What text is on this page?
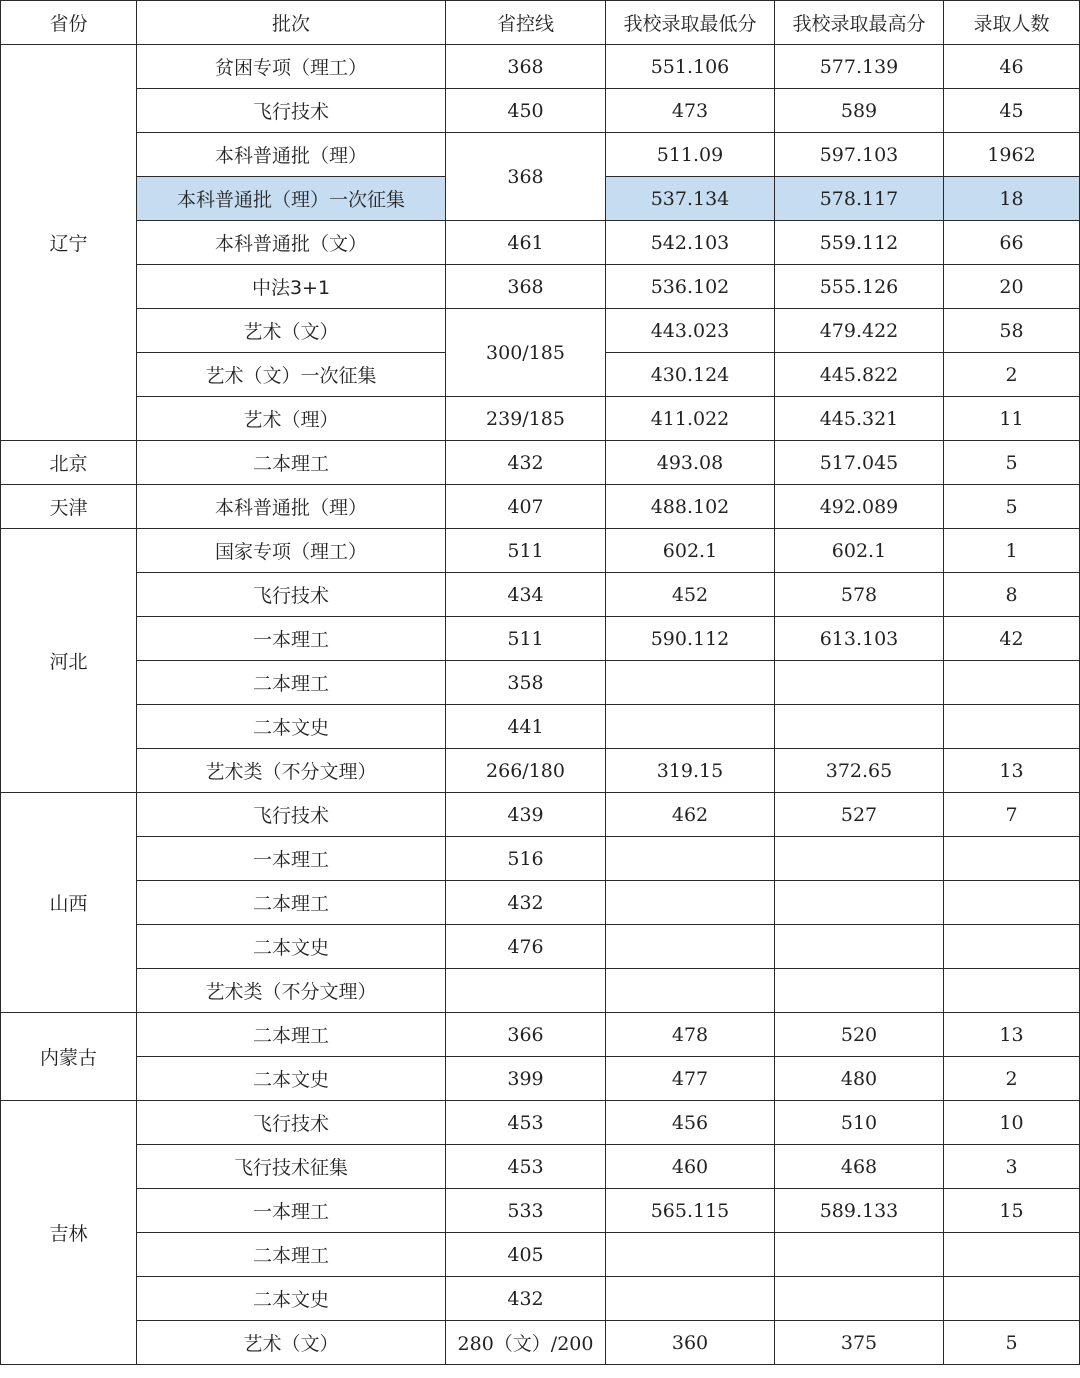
省份	批次	省控线	我校录取最低分	我校录取最高分	录取人数
辽宁	贫困专项（理工）	368	551.106	577.139	46
	飞行技术	450	473	589	45
	本科普通批（理）	368	511.09	597.103	1962
	本科普通批（理）一次征集		537.134	578.117	18
	本科普通批（文）	461	542.103	559.112	66
	中法3+1	368	536.102	555.126	20
	艺术（文）	300/185	443.023	479.422	58
	艺术（文）一次征集		430.124	445.822	2
	艺术（理）	239/185	411.022	445.321	11
北京	二本理工	432	493.08	517.045	5
天津	本科普通批（理）	407	488.102	492.089	5
河北	国家专项（理工）	511	602.1	602.1	1
	飞行技术	434	452	578	8
	一本理工	511	590.112	613.103	42
	二本理工	358			
	二本文史	441			
	艺术类（不分文理）	266/180	319.15	372.65	13
山西	飞行技术	439	462	527	7
	一本理工	516			
	二本理工	432			
	二本文史	476			
	艺术类（不分文理）				
内蒙古	二本理工	366	478	520	13
	二本文史	399	477	480	2
吉林	飞行技术	453	456	510	10
	飞行技术征集	453	460	468	3
	一本理工	533	565.115	589.133	15
	二本理工	405			
	二本文史	432			
	艺术（文）	280（文）/200	360	375	5
